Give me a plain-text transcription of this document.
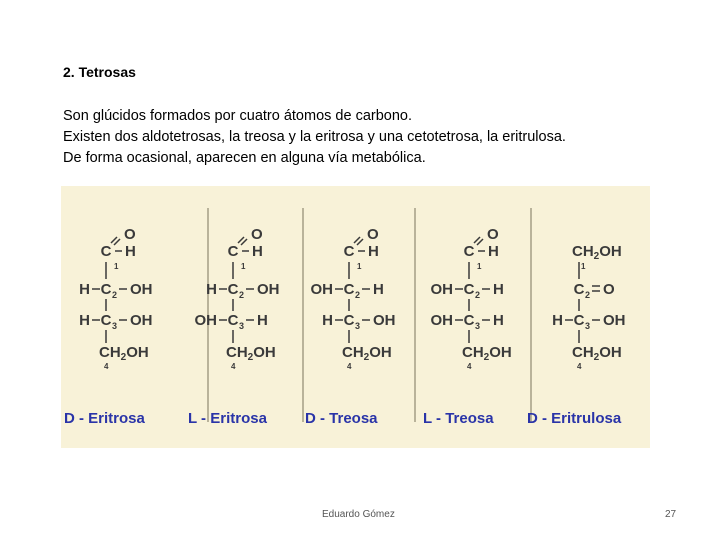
2. Tetrosas
Son glúcidos formados por cuatro átomos de carbono.
Existen dos aldotetrosas, la treosa y la eritrosa y una cetotetrosa, la eritrulosa.
De forma ocasional, aparecen en alguna vía metabólica.
C
1
O
H
C 2
H	OH
C 3
H	OH
$CH_2OH$
4
D - Eritrosa
C
1
O
H
C 2
H	OH
C 3
OH	H
$CH_2OH$
4
L - Eritrosa
C
1
O
H
C 2
OH	H
C 3
H	OH
$CH_2OH$
4
D - Treosa
C
1
O
H
C 2
OH	H
C 3
OH	H
$CH_2OH$
4
L - Treosa
$CH_2OH$
1
C 2 O
C 3
H	OH
$CH_2OH$
4
D - Eritrulosa
Eduardo Gómez	27
